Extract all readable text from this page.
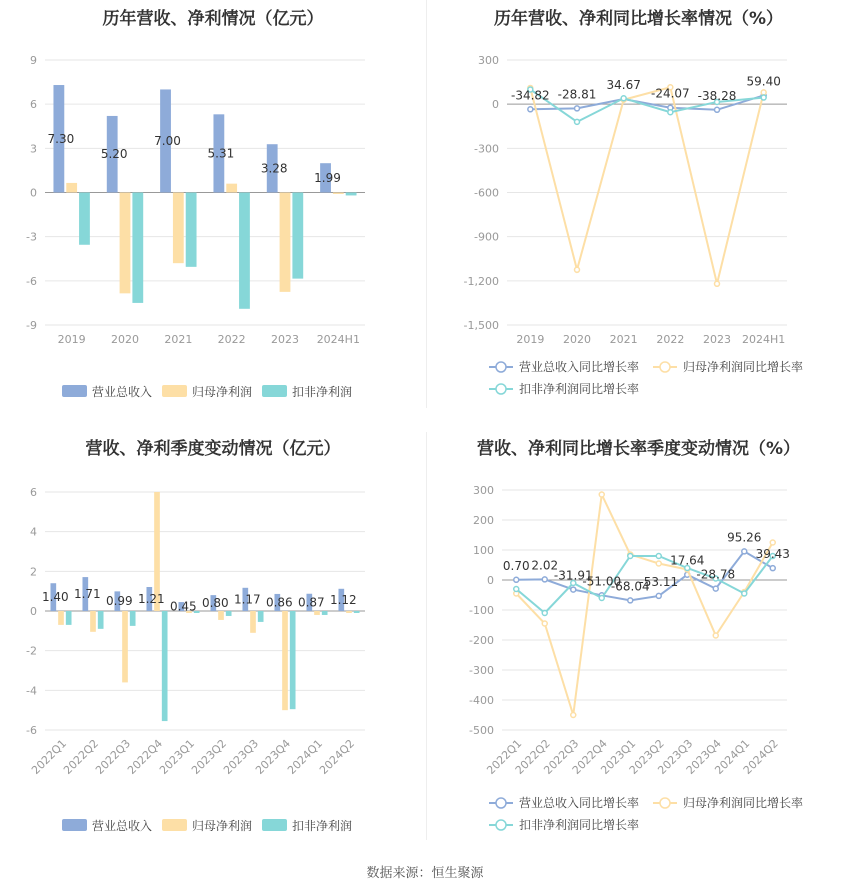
历年营收、净利情况（亿元）
9
6
3
0
-3
-6
-9
2019 2020 2021 2022 2023 2024H1
7.30
5.20
7.00
5.31
3.28
1.99
营业总收入	归母净利润	扣非净利润
历年营收、净利同比增长率情况（%）
300
0
-300
-600
-900
-1,200
-1,500
2019 2020 2021 2022 2023 2024H1
-34.82 -28.81
34.67
-24.07 -38.28
59.40
营业总收入同比增长率	归母净利润同比增长率
扣非净利润同比增长率
营收、净利季度变动情况（亿元）
6
4
2
0
-2
-4
-6
2022Q1
2022Q2
2022Q3
2022Q4
2023Q1
2023Q2
2023Q3
2023Q4
2024Q1
2024Q2
1.40 1.71
0.99 1.21
0.45 0.80 1.17 0.86 0.87 1.12
营业总收入	归母净利润	扣非净利润
营收、净利同比增长率季度变动情况（%）
300
200
100
0
-100
-200
-300
-400
-500
2022Q1
2022Q2
2022Q3
2022Q4
2023Q1
2023Q2
2023Q3
2023Q4
2024Q1
2024Q2
0.70 2.02
-31.91
-51.00
-68.04
-53.11
17.64
-28.78
95.26
39.43
营业总收入同比增长率	归母净利润同比增长率
扣非净利润同比增长率
数据来源：恒生聚源
